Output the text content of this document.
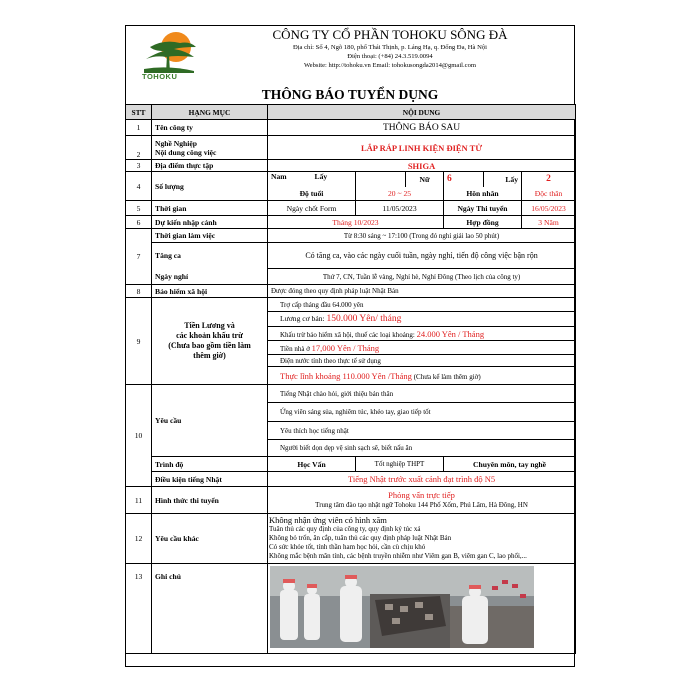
TOHOKU
CÔNG TY CỔ PHẦN TOHOKU SÔNG ĐÀ
Địa chỉ: Số 4, Ngõ 180, phố Thái Thịnh, p. Láng Hạ, q. Đống Đa, Hà Nội
Điện thoại: (+84) 24.3.519.0094
Website: http://tohoku.vn Email: tohokusongda2014@gmail.com
THÔNG BÁO TUYỂN DỤNG
STT	HẠNG MỤC	NỘI DUNG						
1	Tên công ty	THÔNG BÁO SAU						
2	Nghề Nghiệp
Nội dung công việc	LẮP RÁP LINH KIỆN ĐIỆN TỬ						
3	Địa điểm thực tập	SHIGA						
4	Số lượng	Nam	Lấy		Nữ	6	Lấy	2
		Độ tuổi		20 ~ 25		Hôn nhân		Độc thân
5	Thời gian	Ngày chốt Form		11/05/2023		Ngày Thi tuyển		16/05/2023
6	Dự kiến nhập cảnh	Tháng 10/2023				Hợp đồng		3 Năm
7	Thời gian làm việc	Từ 8:30 sáng ~ 17:100 (Trong đó nghỉ giải lao 50 phút)						
	Tăng ca	Có tăng ca, vào các ngày cuối tuần, ngày nghỉ, tiến độ công việc bận rộn						
	Ngày nghỉ	Thứ 7, CN, Tuần lễ vàng, Nghỉ hè, Nghỉ Đông (Theo lịch của công ty)						
8	Bảo hiểm xã hội	Được đóng theo quy định pháp luật Nhật Bản						
9	Tiền Lương và
các khoản khấu trừ
(Chưa bao gồm tiền làm
thêm giờ)	Trợ cấp tháng đầu 64.000 yên						
		Lương cơ bản: 150.000 Yên/ tháng						
		Khấu trừ bảo hiểm xã hội, thuế các loại khoảng: 24.000 Yên / Tháng						
		Tiền nhà ở 17,000 Yên / Tháng						
		Điện nước tính theo thực tế sử dụng						
		Thực lĩnh khoảng 110.000 Yên /Tháng (Chưa kể làm thêm giờ)						
10	Yêu cầu	Tiếng Nhật chào hỏi, giới thiệu bản thân						
		Ứng viên sáng sủa, nghiêm túc, khéo tay, giao tiếp tốt						
		Yêu thích học tiếng nhật						
		Người biết dọn dẹp vệ sinh sạch sẽ, biết nấu ăn						
	Trình độ	Học Vấn		Tốt nghiệp THPT		Chuyên môn, tay nghề		
	Điều kiện tiếng Nhật	Tiếng Nhật trước xuất cảnh đạt trình độ N5						
11	Hình thức thi tuyển	Phỏng vấn trực tiếp
Trung tâm đào tạo nhật ngữ Tohoku 144 Phố Xốm, Phú Lãm, Hà Đông, HN						

12	Yêu cầu khác	Không nhận ứng viên có hình xăm
Tuân thủ các quy định của công ty, quy định ký túc xá
Không bỏ trốn, ăn cắp, tuân thủ các quy định pháp luật Nhật Bản
Có sức khỏe tốt, tính thần ham học hỏi, cần cù chịu khó
Không mắc bệnh mãn tính, các bệnh truyền nhiễm như Viêm gan B, viêm gan C, lao phổi,...						

13	Ghi chú	
